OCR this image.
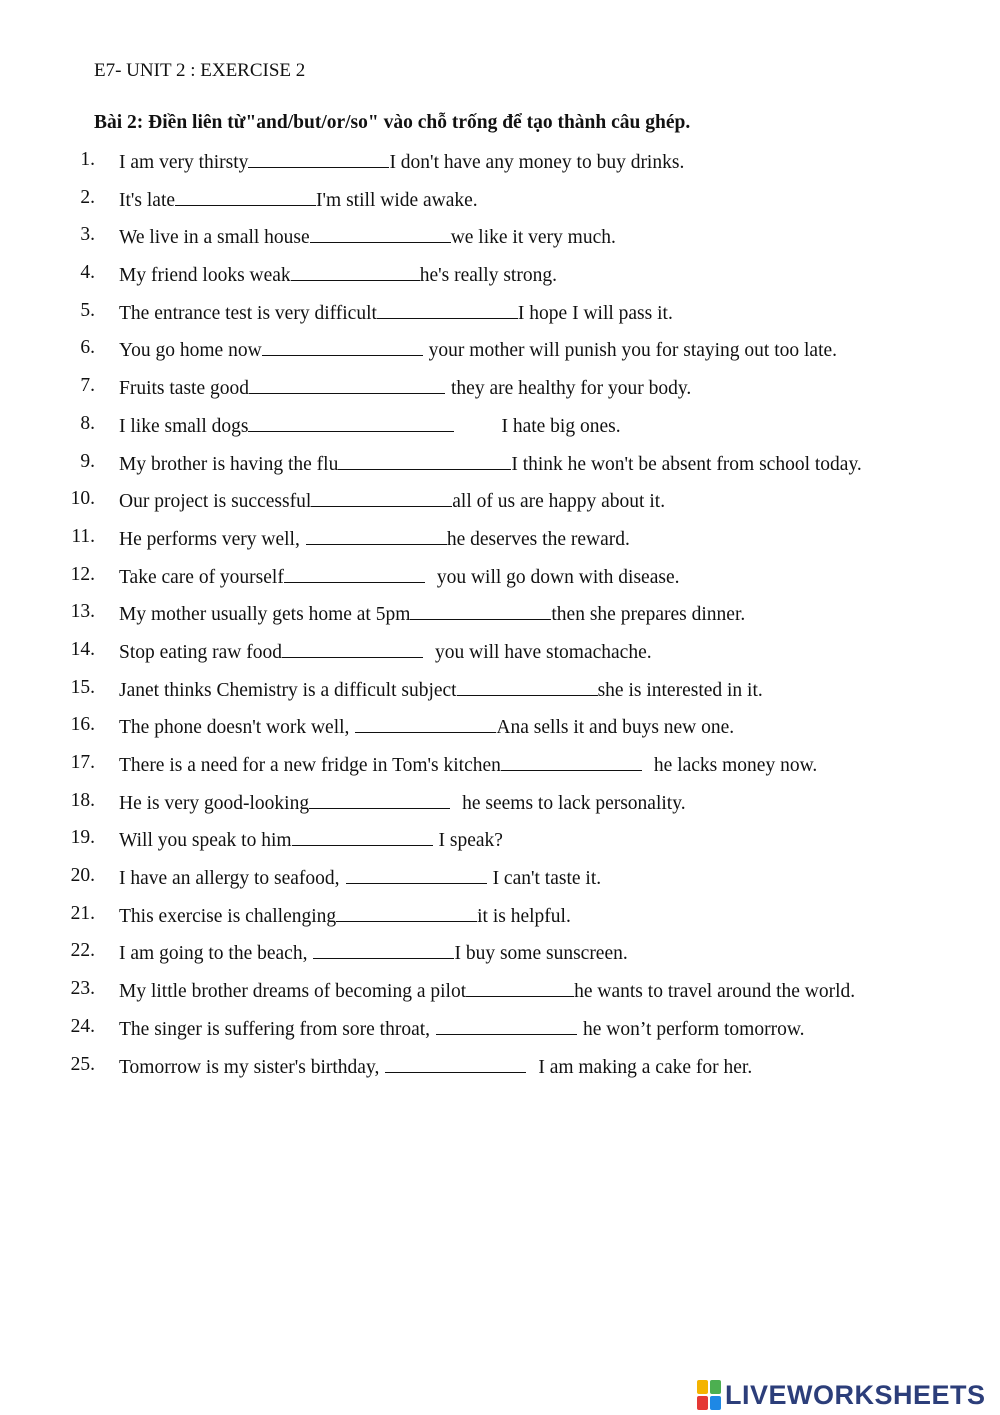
E7- UNIT 2 : EXERCISE 2
Bài 2: Điền liên từ"and/but/or/so" vào chỗ trống để tạo thành câu ghép.
1. I am very thirsty	I don't have any money to buy drinks.
2. It's late	I'm still wide awake.
3. We live in a small house	we like it very much.
4. My friend looks weak	he's really strong.
5. The entrance test is very difficult	I hope I will pass it.
6. You go home now	your mother will punish you for staying out too late.
7. Fruits taste good	they are healthy for your body.
8. I like small dogs	I hate big ones.
9. My brother is having the flu	I think he won't be absent from school today.
10. Our project is successful	all of us are happy about it.
11. He performs very well,	he deserves the reward.
12. Take care of yourself	you will go down with disease.
13. My mother usually gets home at 5pm	then she prepares dinner.
14. Stop eating raw food	you will have stomachache.
15. Janet thinks Chemistry is a difficult subject	she is interested in it.
16. The phone doesn't work well,	Ana sells it and buys new one.
17. There is a need for a new fridge in Tom's kitchen	he lacks money now.
18. He is very good-looking	he seems to lack personality.
19. Will you speak to him	I speak?
20. I have an allergy to seafood,	I can't taste it.
21. This exercise is challenging	it is helpful.
22. I am going to the beach,	I buy some sunscreen.
23. My little brother dreams of becoming a pilot	he wants to travel around the world.
24. The singer is suffering from sore throat,	he won’t perform tomorrow.
25. Tomorrow is my sister's birthday,	I am making a cake for her.
LIVEWORKSHEETS
